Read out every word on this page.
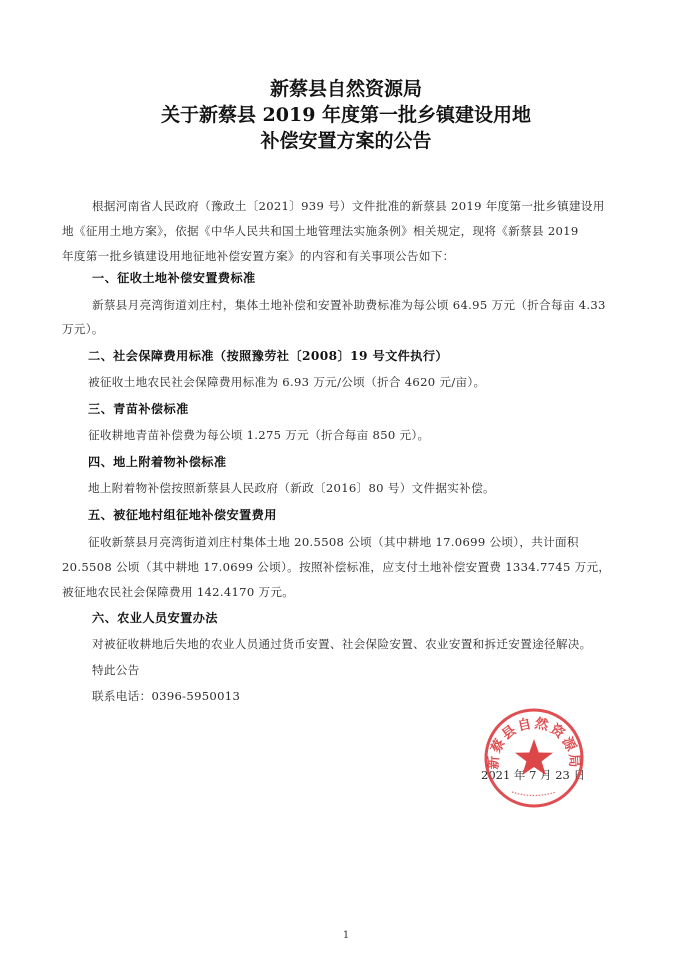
新蔡县自然资源局
关于新蔡县 2019 年度第一批乡镇建设用地
补偿安置方案的公告
根据河南省人民政府（豫政土〔2021〕939 号）文件批准的新蔡县 2019 年度第一批乡镇建设用
地《征用土地方案》，依据《中华人民共和国土地管理法实施条例》相关规定，现将《新蔡县 2019
年度第一批乡镇建设用地征地补偿安置方案》的内容和有关事项公告如下：
一、征收土地补偿安置费标准
新蔡县月亮湾街道刘庄村，集体土地补偿和安置补助费标准为每公顷 64.95 万元（折合每亩 4.33
万元）。
二、社会保障费用标准（按照豫劳社〔2008〕19 号文件执行）
被征收土地农民社会保障费用标准为 6.93 万元/公顷（折合 4620 元/亩）。
三、青苗补偿标准
征收耕地青苗补偿费为每公顷 1.275 万元（折合每亩 850 元）。
四、地上附着物补偿标准
地上附着物补偿按照新蔡县人民政府（新政〔2016〕80 号）文件据实补偿。
五、被征地村组征地补偿安置费用
征收新蔡县月亮湾街道刘庄村集体土地 20.5508 公顷（其中耕地 17.0699 公顷），共计面积
20.5508 公顷（其中耕地 17.0699 公顷）。按照补偿标准，应支付土地补偿安置费 1334.7745 万元，
被征地农民社会保障费用 142.4170 万元。
六、农业人员安置办法
对被征收耕地后失地的农业人员通过货币安置、社会保险安置、农业安置和拆迁安置途径解决。
特此公告
联系电话：0396-5950013
2021 年 7 月 23 日
新蔡县自然资源局
1
